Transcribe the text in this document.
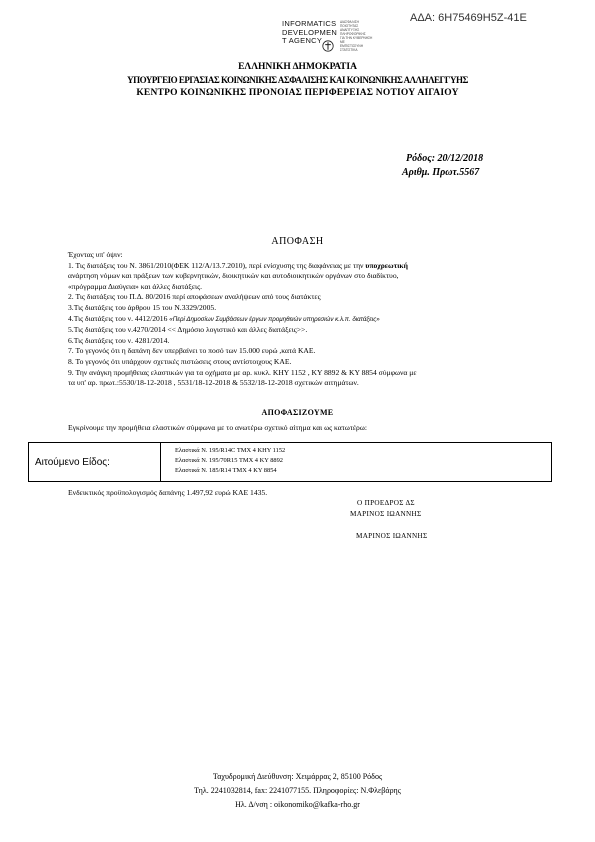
ΑΔΑ: 6Η75469Η5Ζ-41Ε
INFORMATICS
DEVELOPMEN
T AGENCY
ΔΙΑΣΦΑΛΙΣΗ ΠΟΙΟΤΗΤΑΣ
ΑΝΑΠΤΥΞΗΣ ΠΛΗΡΟΦΟΡΙΚΗΣ
ΓΙΑ ΤΗΝ ΚΥΒΕΡΝΗΣΗ
ΜΕ
ΕΜΠΙΣΤΟΣΥΝΗ
ΣΤΑΤΙΣΤΙΚΑ
ΕΛΛΗΝΙΚΗ ΔΗΜΟΚΡΑΤΙΑ
ΥΠΟΥΡΓΕΙΟ ΕΡΓΑΣΙΑΣ ΚΟΙΝΩΝΙΚΗΣ ΑΣΦΑΛΙΣΗΣ ΚΑΙ ΚΟΙΝΩΝΙΚΗΣ ΑΛΛΗΛΕΓΓΥΗΣ
ΚΕΝΤΡΟ ΚΟΙΝΩΝΙΚΗΣ ΠΡΟΝΟΙΑΣ ΠΕΡΙΦΕΡΕΙΑΣ ΝΟΤΙΟΥ ΑΙΓΑΙΟΥ
Ρόδος: 20/12/2018
Αριθμ. Πρωτ.5567
ΑΠΟΦΑΣΗ
Έχοντας υπ' όψιν:
1. Τις διατάξεις του Ν. 3861/2010(ΦΕΚ 112/Α/13.7.2010), περί ενίσχυσης της διαφάνειας με την υποχρεωτική
ανάρτηση νόμων και πράξεων των κυβερνητικών, διοικητικών και αυτοδιοικητικών οργάνων στο διαδίκτυο,
«πρόγραμμα Διαύγεια» και άλλες διατάξεις.
2. Τις διατάξεις του Π.Δ. 80/2016 περί αποφάσεων αναλήψεων από τους διατάκτες
3.Τις διατάξεις του άρθρου 15 του Ν.3329/2005.
4.Τις διατάξεις του ν. 4412/2016 «Περί Δημοσίων Συμβάσεων έργων προμηθειών υπηρεσιών κ.λ.π. διατάξεις»
5.Τις διατάξεις του ν.4270/2014 << Δημόσιο λογιστικό και άλλες διατάξεις>>.
6.Τις διατάξεις του ν. 4281/2014.
7. Το γεγονός ότι η δαπάνη δεν υπερβαίνει το ποσό των 15.000 ευρώ ,κατά ΚΑΕ.
8. Το γεγονός ότι υπάρχουν σχετικές πιστώσεις στους αντίστοιχους ΚΑΕ.
9. Την ανάγκη προμήθειας ελαστικών για τα οχήματα με αρ. κυκλ. ΚΗΥ 1152 , ΚΥ 8892 & ΚΥ 8854 σύμφωνα με
τα υπ' αρ. πρωτ.:5530/18-12-2018 , 5531/18-12-2018 & 5532/18-12-2018 σχετικών αιτημάτων.
ΑΠΟΦΑΣΙΖΟΥΜΕ
Εγκρίνουμε την προμήθεια ελαστικών σύμφωνα με το ανωτέρω σχετικό αίτημα και ως κατωτέρω:
Αιτούμενο Είδος:
Ελαστικά Ν. 195/R14C ΤΜΧ 4 ΚΗΥ 1152
Ελαστικά Ν. 195/70R15 ΤΜΧ 4 ΚΥ 8892
Ελαστικά Ν. 185/R14 ΤΜΧ 4 ΚΥ 8854
Ενδεικτικός προϋπολογισμός δαπάνης 1.497,92 ευρώ ΚΑΕ 1435.
Ο ΠΡΟΕΔΡΟΣ ΔΣ
ΜΑΡΙΝΟΣ ΙΩΑΝΝΗΣ
ΜΑΡΙΝΟΣ ΙΩΑΝΝΗΣ
Ταχυδρομική Διεύθυνση: Χειμάρρας 2, 85100 Ρόδος
Τηλ. 2241032814, fax: 2241077155. Πληροφορίες: Ν.Φλεβάρης
Ηλ. Δ/νση : oikonomiko@kafka-rho.gr
